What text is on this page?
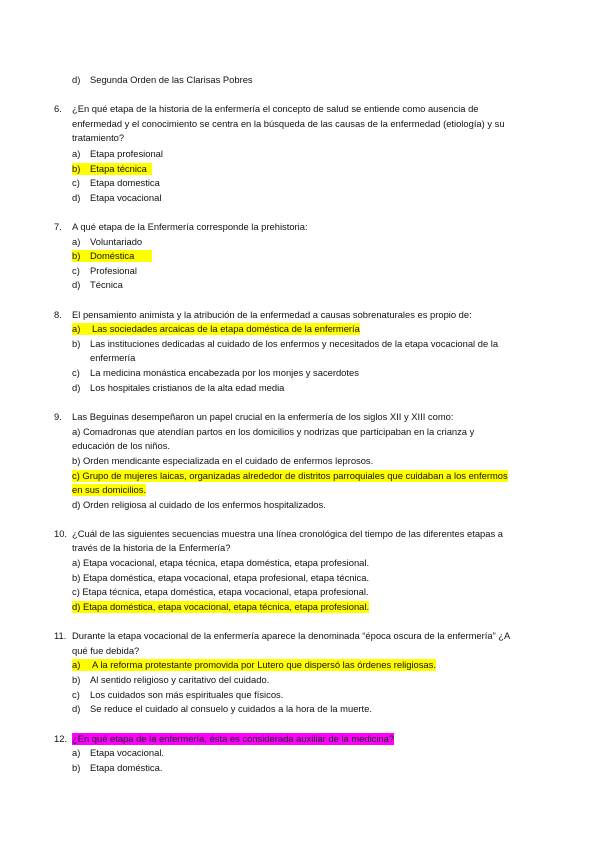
d) Segunda Orden de las Clarisas Pobres
6. ¿En qué etapa de la historia de la enfermería el concepto de salud se entiende como ausencia de
enfermedad y el conocimiento se centra en la búsqueda de las causas de la enfermedad (etiología) y su
tratamiento?
a) Etapa profesional
b)	Etapa técnica
c) Etapa domestica
d) Etapa vocacional
7. A qué etapa de la Enfermería corresponde la prehistoria:
a) Voluntariado
b)	Doméstica
c) Profesional
d) Técnica
8. El pensamiento animista y la atribución de la enfermedad a causas sobrenaturales es propio de:
a)	Las sociedades arcaicas de la etapa doméstica de la enfermería
b) Las instituciones dedicadas al cuidado de los enfermos y necesitados de la etapa vocacional de la
enfermería
c) La medicina monástica encabezada por los monjes y sacerdotes
d) Los hospitales cristianos de la alta edad media
9. Las Beguinas desempeñaron un papel crucial en la enfermería de los siglos XII y XIII como:
a) Comadronas que atendían partos en los domicilios y nodrizas que participaban en la crianza y
educación de los niños.
b) Orden mendicante especializada en el cuidado de enfermos leprosos.
c) Grupo de mujeres laicas, organizadas alrededor de distritos parroquiales que cuidaban a los enfermos
en sus domicilios.
d) Orden religiosa al cuidado de los enfermos hospitalizados.
10. ¿Cuál de las siguientes secuencias muestra una línea cronológica del tiempo de las diferentes etapas a
través de la historia de la Enfermería?
a) Etapa vocacional, etapa técnica, etapa doméstica, etapa profesional.
b) Etapa doméstica, etapa vocacional, etapa profesional, etapa técnica.
c) Etapa técnica, etapa doméstica, etapa vocacional, etapa profesional.
d) Etapa doméstica, etapa vocacional, etapa técnica, etapa profesional.
11. Durante la etapa vocacional de la enfermería aparece la denominada “época oscura de la enfermería” ¿A
qué fue debida?
a)	A la reforma protestante promovida por Lutero que dispersó las órdenes religiosas.
b) Al sentido religioso y caritativo del cuidado.
c) Los cuidados son más espirituales que físicos.
d) Se reduce el cuidado al consuelo y cuidados a la hora de la muerte.
12. ¿En qué etapa de la enfermería, ésta es considerada auxiliar de la medicina?
a) Etapa vocacional.
b) Etapa doméstica.
